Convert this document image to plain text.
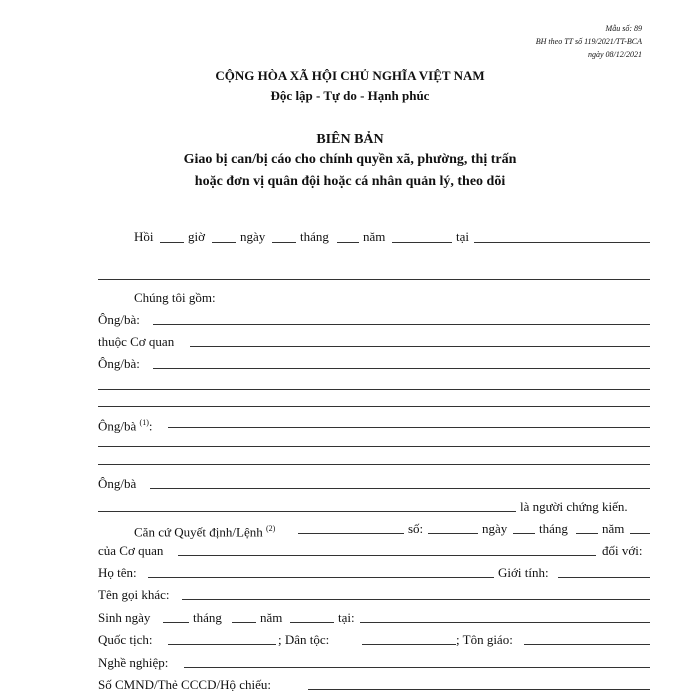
Mẫu số: 89
BH theo TT số 119/2021/TT-BCA
ngày 08/12/2021
CỘNG HÒA XÃ HỘI CHỦ NGHĨA VIỆT NAM
Độc lập - Tự do - Hạnh phúc
BIÊN BẢN
Giao bị can/bị cáo cho chính quyền xã, phường, thị trấn
hoặc đơn vị quân đội hoặc cá nhân quản lý, theo dõi
Hồi	giờ	ngày	tháng	năm	tại
Chúng tôi gồm:
Ông/bà:
thuộc Cơ quan
Ông/bà:
Ông/bà $^{(1)}$:
Ông/bà
là người chứng kiến.
Căn cứ Quyết định/Lệnh $^{(2)}$	số:	ngày tháng	năm
của Cơ quan	đối với:
Họ tên:	Giới tính:
Tên gọi khác:
Sinh ngày	tháng	năm	tại:
Quốc tịch:	; Dân tộc:	; Tôn giáo:
Nghề nghiệp:
Số CMND/Thẻ CCCD/Hộ chiếu:
